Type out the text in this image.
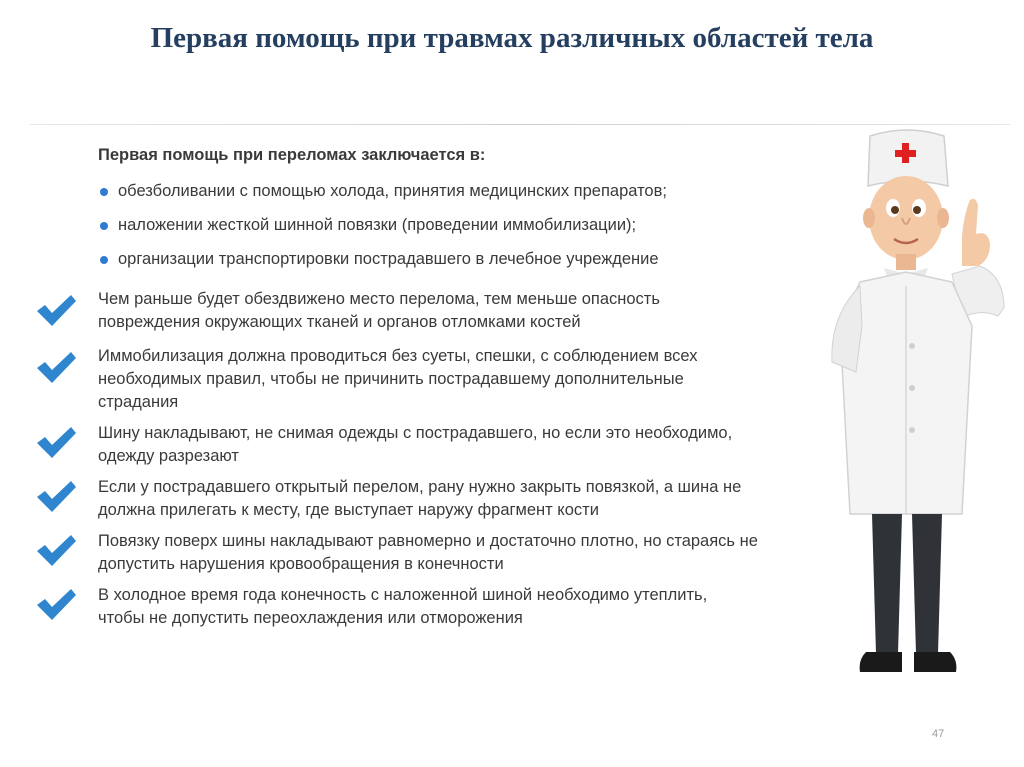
Первая помощь при травмах различных областей тела
Первая помощь при переломах заключается в:
обезболивании с помощью холода, принятия медицинских препаратов;
наложении жесткой шинной повязки (проведении иммобилизации);
организации транспортировки пострадавшего в лечебное учреждение
Чем раньше будет обездвижено место перелома, тем меньше опасность повреждения окружающих тканей и органов отломками костей
Иммобилизация должна проводиться без суеты, спешки, с соблюдением всех необходимых правил, чтобы не причинить пострадавшему дополнительные страдания
Шину накладывают, не снимая одежды с пострадавшего, но если это необходимо, одежду разрезают
Если у пострадавшего открытый перелом, рану нужно закрыть повязкой, а шина не должна прилегать к месту, где выступает наружу фрагмент кости
Повязку поверх шины накладывают равномерно и достаточно плотно, но стараясь не допустить нарушения кровообращения в конечности
В холодное время года конечность с наложенной шиной необходимо утеплить, чтобы не допустить переохлаждения или отморожения
47
